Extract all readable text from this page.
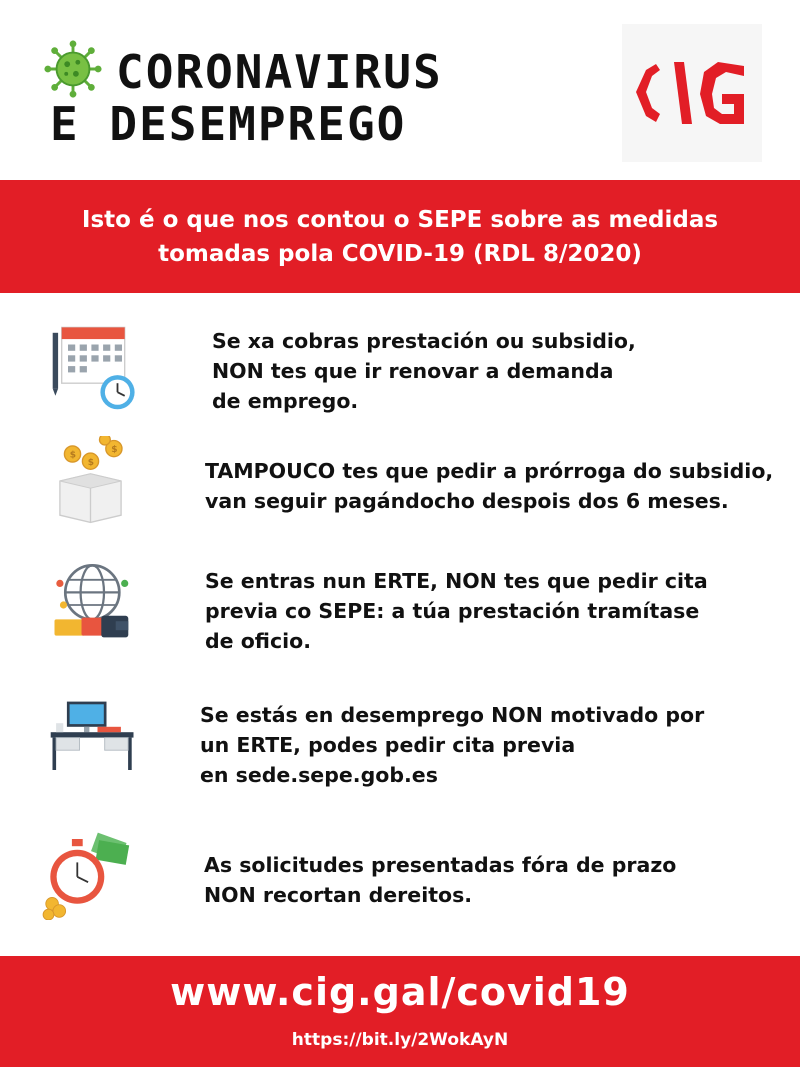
CORONAVIRUS
E DESEMPREGO
Isto é o que nos contou o SEPE sobre as medidas
tomadas pola COVID-19 (RDL 8/2020)
Se xa cobras prestación ou subsidio,
NON tes que ir renovar a demanda
de emprego.
$
$
$
TAMPOUCO tes que pedir a prórroga do subsidio,
van seguir pagándocho despois dos 6 meses.
Se entras nun ERTE, NON tes que pedir cita
previa co SEPE: a túa prestación tramítase
de oficio.
Se estás en desemprego NON motivado por
un ERTE, podes pedir cita previa
en sede.sepe.gob.es
As solicitudes presentadas fóra de prazo
NON recortan dereitos.
www.cig.gal/covid19
https://bit.ly/2WokAyN
